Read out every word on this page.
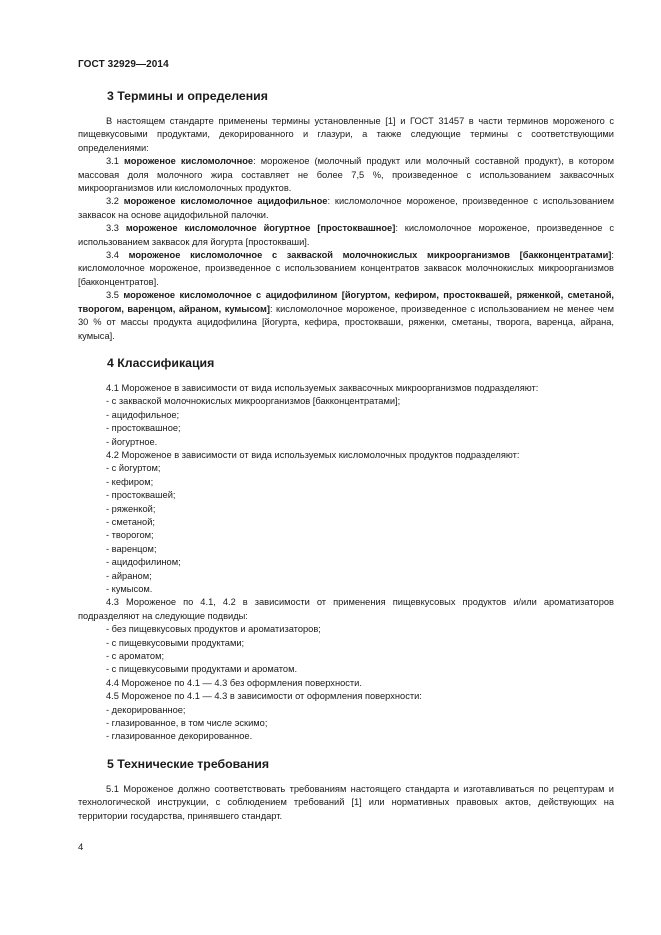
ГОСТ 32929—2014
3 Термины и определения

В настоящем стандарте применены термины установленные [1] и ГОСТ 31457 в части терминов мороженого с пищевкусовыми продуктами, декорированного и глазури, а также следующие термины с соответствующими определениями:

3.1 мороженое кисломолочное: мороженое (молочный продукт или молочный составной продукт), в котором массовая доля молочного жира составляет не более 7,5 %, произведенное с использованием заквасочных микроорганизмов или кисломолочных продуктов.

3.2 мороженое кисломолочное ацидофильное: кисломолочное мороженое, произведенное с использованием заквасок на основе ацидофильной палочки.

3.3 мороженое кисломолочное йогуртное [простоквашное]: кисломолочное мороженое, произведенное с использованием заквасок для йогурта [простокваши].

3.4 мороженое кисломолочное с закваской молочнокислых микроорганизмов [бакконцентратами]: кисломолочное мороженое, произведенное с использованием концентратов заквасок молочнокислых микроорганизмов [бакконцентратов].

3.5 мороженое кисломолочное с ацидофилином [йогуртом, кефиром, простоквашей, ряженкой, сметаной, творогом, варенцом, айраном, кумысом]: кисломолочное мороженое, произведенное с использованием не менее чем 30 % от массы продукта ацидофилина [йогурта, кефира, простокваши, ряженки, сметаны, творога, варенца, айрана, кумыса].

4 Классификация

4.1 Мороженое в зависимости от вида используемых заквасочных микроорганизмов подразделяют:

- с закваской молочнокислых микроорганизмов [бакконцентратами];

- ацидофильное;

- простоквашное;

- йогуртное.

4.2 Мороженое в зависимости от вида используемых кисломолочных продуктов подразделяют:

- с йогуртом;

- кефиром;

- простоквашей;

- ряженкой;

- сметаной;

- творогом;

- варенцом;

- ацидофилином;

- айраном;

- кумысом.

4.3 Мороженое по 4.1, 4.2 в зависимости от применения пищевкусовых продуктов и/или ароматизаторов подразделяют на следующие подвиды:

- без пищевкусовых продуктов и ароматизаторов;

- с пищевкусовыми продуктами;

- с ароматом;

- с пищевкусовыми продуктами и ароматом.

4.4 Мороженое по 4.1 — 4.3 без оформления поверхности.

4.5 Мороженое по 4.1 — 4.3 в зависимости от оформления поверхности:

- декорированное;

- глазированное, в том числе эскимо;

- глазированное декорированное.

5 Технические требования

5.1 Мороженое должно соответствовать требованиям настоящего стандарта и изготавливаться по рецептурам и технологической инструкции, с соблюдением требований [1] или нормативных правовых актов, действующих на территории государства, принявшего стандарт.

4
